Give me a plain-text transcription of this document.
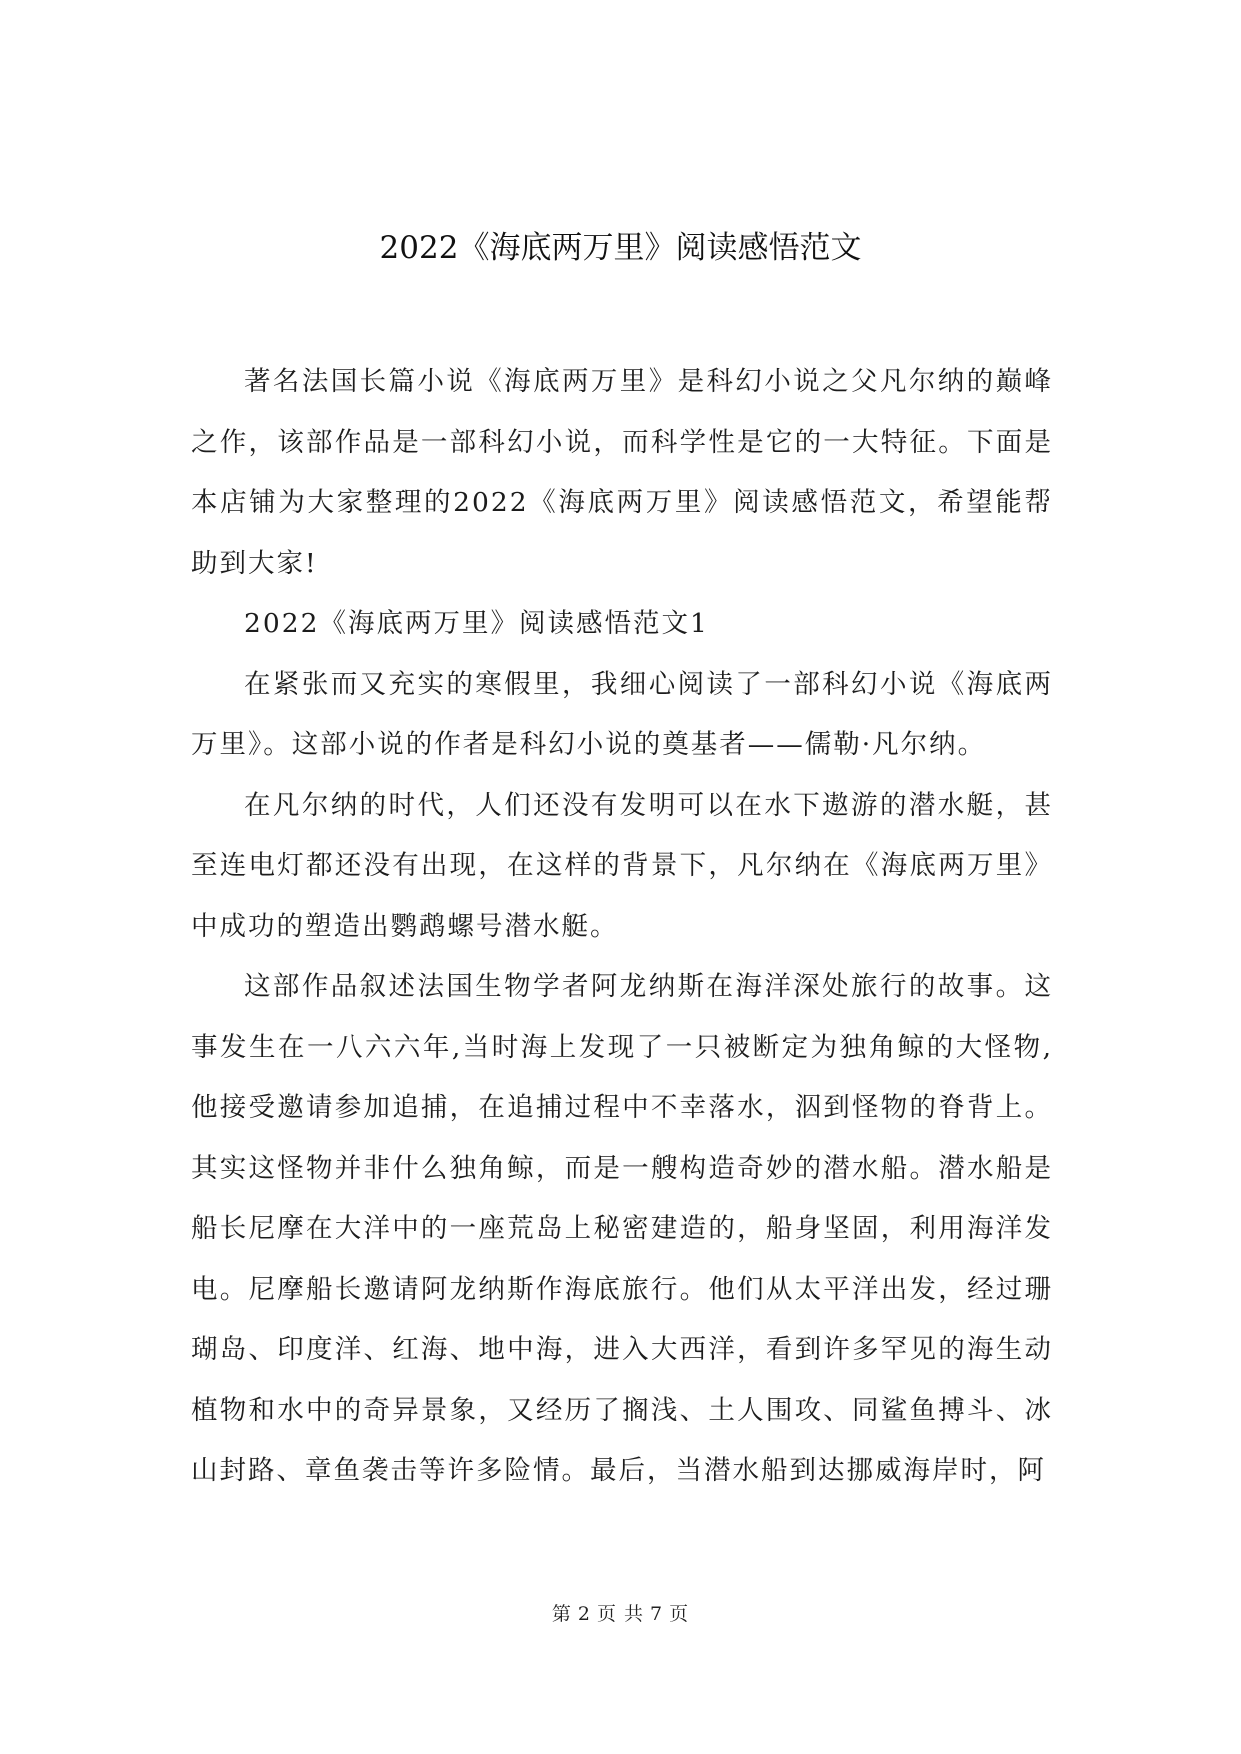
2022《海底两万里》阅读感悟范文

著名法国长篇小说《海底两万里》是科幻小说之父凡尔纳的巅峰之作，该部作品是一部科幻小说，而科学性是它的一大特征。下面是本店铺为大家整理的2022《海底两万里》阅读感悟范文，希望能帮助到大家!

2022《海底两万里》阅读感悟范文1

在紧张而又充实的寒假里，我细心阅读了一部科幻小说《海底两万里》。这部小说的作者是科幻小说的奠基者——儒勒·凡尔纳。

在凡尔纳的时代，人们还没有发明可以在水下遨游的潜水艇，甚至连电灯都还没有出现，在这样的背景下，凡尔纳在《海底两万里》中成功的塑造出鹦鹉螺号潜水艇。

这部作品叙述法国生物学者阿龙纳斯在海洋深处旅行的故事。这事发生在一八六六年,当时海上发现了一只被断定为独角鲸的大怪物,他接受邀请参加追捕，在追捕过程中不幸落水，泅到怪物的脊背上。其实这怪物并非什么独角鲸，而是一艘构造奇妙的潜水船。潜水船是船长尼摩在大洋中的一座荒岛上秘密建造的，船身坚固，利用海洋发电。尼摩船长邀请阿龙纳斯作海底旅行。他们从太平洋出发，经过珊瑚岛、印度洋、红海、地中海，进入大西洋，看到许多罕见的海生动植物和水中的奇异景象，又经历了搁浅、土人围攻、同鲨鱼搏斗、冰山封路、章鱼袭击等许多险情。最后，当潜水船到达挪威海岸时，阿

第 2 页 共 7 页
